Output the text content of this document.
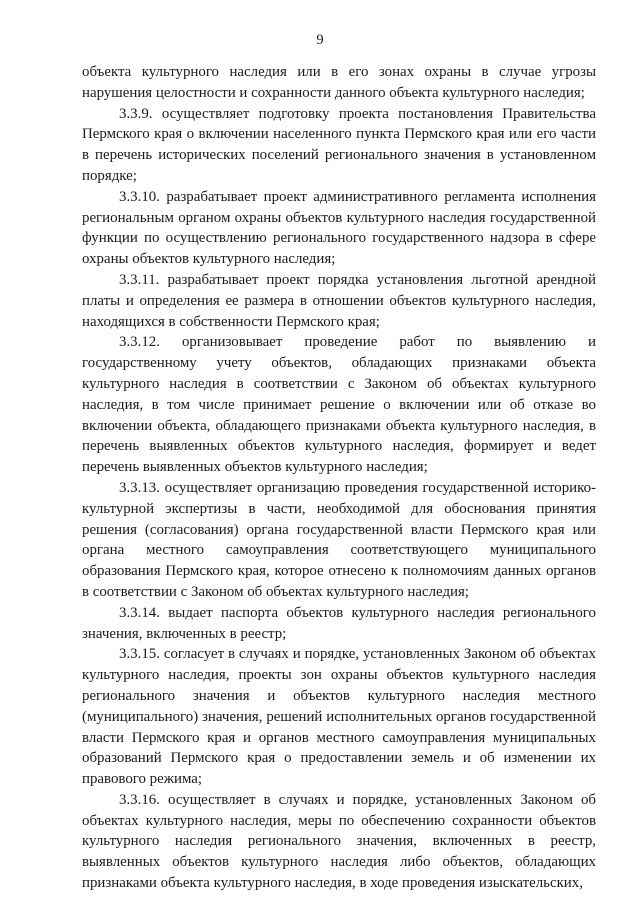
9

объекта культурного наследия или в его зонах охраны в случае угрозы нарушения целостности и сохранности данного объекта культурного наследия;

3.3.9. осуществляет подготовку проекта постановления Правительства Пермского края о включении населенного пункта Пермского края или его части в перечень исторических поселений регионального значения в установленном порядке;

3.3.10. разрабатывает проект административного регламента исполнения региональным органом охраны объектов культурного наследия государственной функции по осуществлению регионального государственного надзора в сфере охраны объектов культурного наследия;

3.3.11. разрабатывает проект порядка установления льготной арендной платы и определения ее размера в отношении объектов культурного наследия, находящихся в собственности Пермского края;

3.3.12. организовывает проведение работ по выявлению и государственному учету объектов, обладающих признаками объекта культурного наследия в соответствии с Законом об объектах культурного наследия, в том числе принимает решение о включении или об отказе во включении объекта, обладающего признаками объекта культурного наследия, в перечень выявленных объектов культурного наследия, формирует и ведет перечень выявленных объектов культурного наследия;

3.3.13. осуществляет организацию проведения государственной историко-культурной экспертизы в части, необходимой для обоснования принятия решения (согласования) органа государственной власти Пермского края или органа местного самоуправления соответствующего муниципального образования Пермского края, которое отнесено к полномочиям данных органов в соответствии с Законом об объектах культурного наследия;

3.3.14. выдает паспорта объектов культурного наследия регионального значения, включенных в реестр;

3.3.15. согласует в случаях и порядке, установленных Законом об объектах культурного наследия, проекты зон охраны объектов культурного наследия регионального значения и объектов культурного наследия местного (муниципального) значения, решений исполнительных органов государственной власти Пермского края и органов местного самоуправления муниципальных образований Пермского края о предоставлении земель и об изменении их правового режима;

3.3.16. осуществляет в случаях и порядке, установленных Законом об объектах культурного наследия, меры по обеспечению сохранности объектов культурного наследия регионального значения, включенных в реестр, выявленных объектов культурного наследия либо объектов, обладающих признаками объекта культурного наследия, в ходе проведения изыскательских,
